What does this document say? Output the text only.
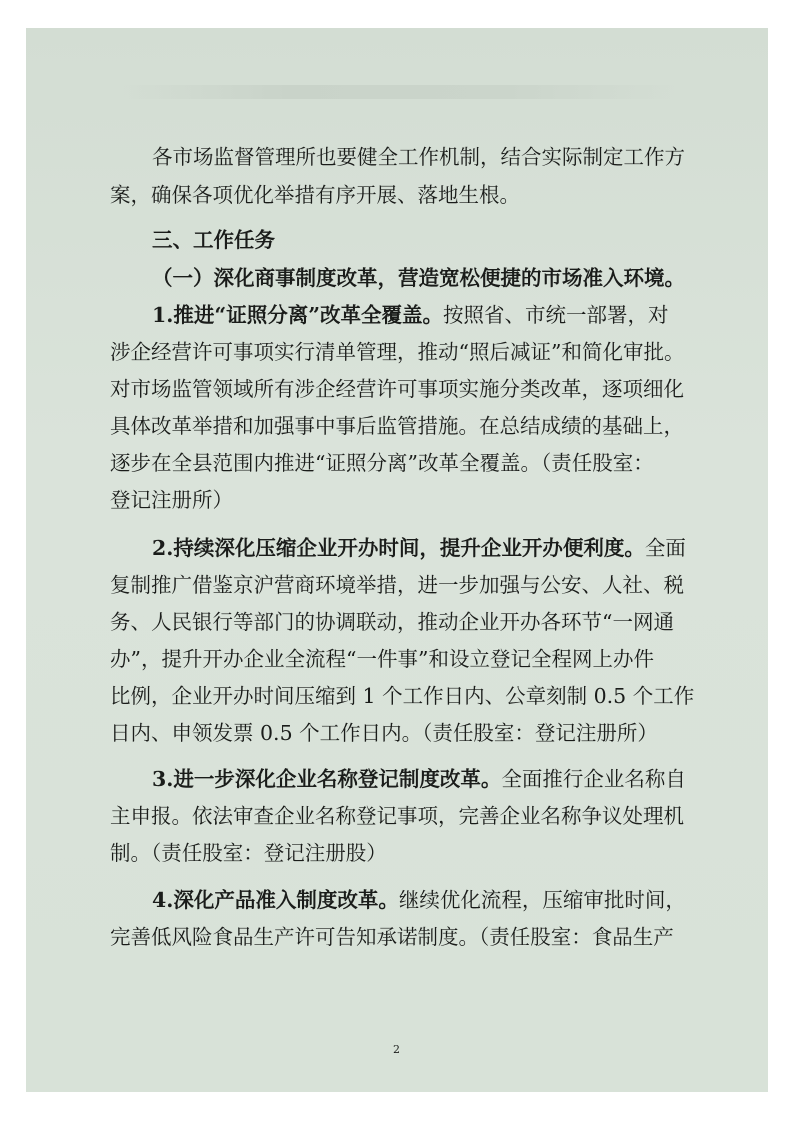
各市场监督管理所也要健全工作机制，结合实际制定工作方
案，确保各项优化举措有序开展、落地生根。
三、工作任务
（一）深化商事制度改革，营造宽松便捷的市场准入环境。
1.推进“证照分离”改革全覆盖。按照省、市统一部署，对
涉企经营许可事项实行清单管理，推动“照后减证”和简化审批。
对市场监管领域所有涉企经营许可事项实施分类改革，逐项细化
具体改革举措和加强事中事后监管措施。在总结成绩的基础上，
逐步在全县范围内推进“证照分离”改革全覆盖。（责任股室：
登记注册所）
2.持续深化压缩企业开办时间，提升企业开办便利度。全面
复制推广借鉴京沪营商环境举措，进一步加强与公安、人社、税
务、人民银行等部门的协调联动，推动企业开办各环节“一网通
办”，提升开办企业全流程“一件事”和设立登记全程网上办件
比例，企业开办时间压缩到 1 个工作日内、公章刻制 0.5 个工作
日内、申领发票 0.5 个工作日内。（责任股室：登记注册所）
3.进一步深化企业名称登记制度改革。全面推行企业名称自
主申报。依法审查企业名称登记事项，完善企业名称争议处理机
制。（责任股室：登记注册股）
4.深化产品准入制度改革。继续优化流程，压缩审批时间，
完善低风险食品生产许可告知承诺制度。（责任股室：食品生产
2
